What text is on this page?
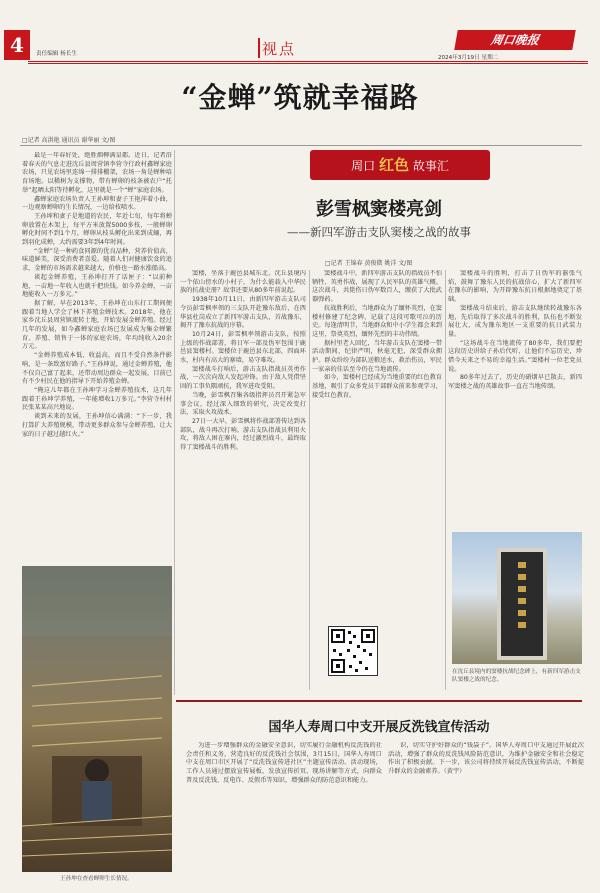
4	责任编辑 杨长生	视点	周口晚报
2024年3月19日 星期二
“金蝉”筑就幸福路
□记者 高洪艳 通讯员 谢华丽 文/图

最是一年春好处，绝胜烟柳满皇都。近日，记者沿着春天的气息走进沈丘县周营镇李营寺行政村鑫蝉家庭农场，只见农场里连绵一排排棚架，农场一角是蝉种培育场地。以稀树为支撑物，带有蝉卵的枝条被农户“托举”起晒太阳等待孵化，这里就是一个“蝉”家庭农场。

鑫蝉家庭农场负责人王孙坤和妻子王艳萍着小曲，一边观察蝉卵的生长情况，一边给枝喷水。

王孙坤和妻子是地道的农民，年近七旬，每年将蝉卵放置在木架上，每平方米放置5000多枝，一般蝉卵孵化时间不到1个月，蝉卵从枝头孵化出来到成蛹，再到羽化成蝉，大约需要3年到4年时间。

“金蝉”是一种药食同源的优良品种，营养价值高，味道鲜美，深受消费者喜爱。随着人们对健康饮食的追求，金蝉的市场需求越来越大，价格也一路水涨船高。

谈起金蝉养殖，王孙坤打开了话匣子：“以前种地，一亩地一年收入也就千把块钱。如今养金蝉，一亩地能收入一万多元。”

据了解，早在2013年，王孙坤在山东打工期间便跟着当地人学会了林下养殖金蝉技术。2018年，他在家乡沈丘县周营镇流转土地，开始发展金蝉养殖。经过几年的发展，如今鑫蝉家庭农场已发展成为集金蝉繁育、养殖、销售于一体的家庭农场，年均纯收入20余万元。

“金蝉养殖成本低、收益高，而且不受自然条件影响，是一条致富好路子。”王孙坤说，通过金蝉养殖，他不仅自己富了起来，还带动周边群众一起发展，目前已有不少村民在他的指导下开始养殖金蝉。

“俺这儿年都在王孙坤学习金蝉养殖技术，这几年跟着王孙坤学养殖，一年能增收1万多元。”李营寺村村民张某某高兴地说。

谈到未来的发展，王孙坤信心满满：“下一步，我打算扩大养殖规模，带动更多群众参与金蝉养殖，让大家的日子越过越红火。”

王孙坤在查看蝉卵生长情况。
周口 红色 故事汇
彭雪枫窦楼亮剑
——新四军游击支队窦楼之战的故事
□记者 王锦春 黄俊微 姚洋 文/图

窦楼，坐落于鹿邑县城东北、沈丘县境内一个依山傍水的小村子，为什么能载入中华民族的抗战史册？故事还要从80多年前说起。

1938年10月11日，由新四军游击支队司令员彭雪枫率领的三支队开赴豫东敌后，在西华县杜岗成立了新四军游击支队，首战豫东，揭开了豫东抗战的序幕。

10月24日，彭雪枫率领游击支队，按照上级的作战部署，将日军一部及伪军包围于鹿邑县窦楼村。窦楼位于鹿邑县东北部，四面环水，村内有高大的寨墙，易守难攻。

窦楼战斗打响后，游击支队指战员英勇作战，一次次向敌人发起冲锋。由于敌人凭借坚固的工事负隅顽抗，我军进攻受阻。

当晚，彭雪枫召集各级指挥员召开紧急军事会议，经过深入细致的研究，决定改变打法，采取火攻战术。

27日一大早，彭雪枫将作战部署传达到各部队，战斗再次打响。游击支队指战员利用火攻，将敌人困在寨内，经过激烈战斗，最终取得了窦楼战斗的胜利。

窦楼战斗中，新四军游击支队的指战员不怕牺牲、英勇作战，展现了人民军队的英雄气概。这次战斗，共毙伤日伪军数百人，缴获了大批武器弹药。

抗战胜利后，当地群众为了缅怀英烈，在窦楼村修建了纪念碑，记载了这段可歌可泣的历史。每逢清明节，当地群众和中小学生都会来到这里，祭奠英烈，缅怀先烈的丰功伟绩。

据村里老人回忆，当年游击支队在窦楼一带活动期间，纪律严明，秋毫无犯，深受群众拥护。群众纷纷为部队送粮送水，救治伤员，军民一家亲的佳话至今仍在当地流传。

如今，窦楼村已经成为当地重要的红色教育基地，吸引了众多党员干部群众前来参观学习，接受红色教育。

窦楼战斗的胜利，打击了日伪军的嚣张气焰，鼓舞了豫东人民的抗战信心，扩大了新四军在豫东的影响，为开辟豫东抗日根据地奠定了基础。

窦楼战斗结束后，游击支队继续转战豫东各地，先后取得了多次战斗的胜利，队伍也不断发展壮大，成为豫东地区一支重要的抗日武装力量。

“这场战斗在当地流传了80多年，我们要把这段历史讲给子孙后代听，让他们不忘历史，珍惜今天来之不易的幸福生活。”窦楼村一位老党员说。

80多年过去了，历史的硝烟早已散去，新四军窦楼之战的英雄故事一直在当地传颂。

在沈丘县境内的窦楼抗战纪念碑上，有新四军游击支队窦楼之战的纪念。
国华人寿周口中支开展反洗钱宣传活动

为进一步增强群众的金融安全意识，切实履行金融机构反洗钱的社会责任和义务，营造良好的反洗钱社会氛围，3月15日，国华人寿周口中支在周口市区开展了“反洗钱宣传进社区”主题宣传活动。活动现场，工作人员通过摆放宣传展板、发放宣传折页、现场讲解等方式，向群众普及反洗钱、反电诈、反假币等知识，增强群众的防范意识和能力。

识，切实守护好群众的“钱袋子”。国华人寿周口中支通过开展此次活动，增强了群众的反洗钱风险防范意识，为维护金融安全和社会稳定作出了积极贡献。下一步，该公司将持续开展反洗钱宣传活动，不断提升群众的金融素养。（黄宇）
